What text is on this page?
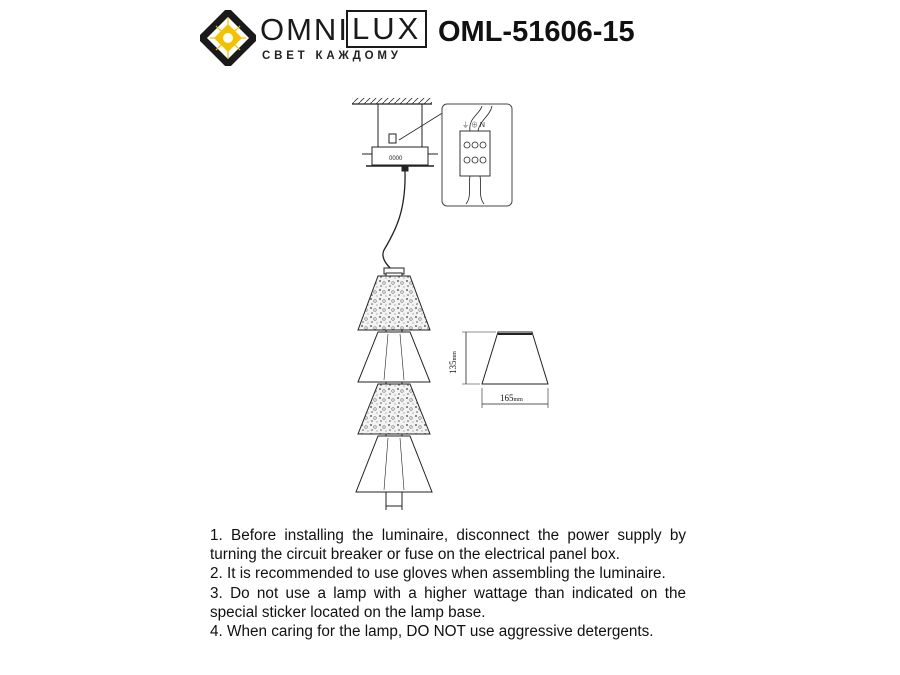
OMNI LUX
СВЕТ КАЖДОМУ
OML-51606-15
0000
⏚ ⊕ N
135mm
165mm

1. Before installing the luminaire, disconnect the power supply by turning the circuit breaker or fuse on the electrical panel box.

2. It is recommended to use gloves when assembling the luminaire.

3. Do not use a lamp with a higher wattage than indicated on the special sticker located on the lamp base.

4. When caring for the lamp, DO NOT use aggressive detergents.
